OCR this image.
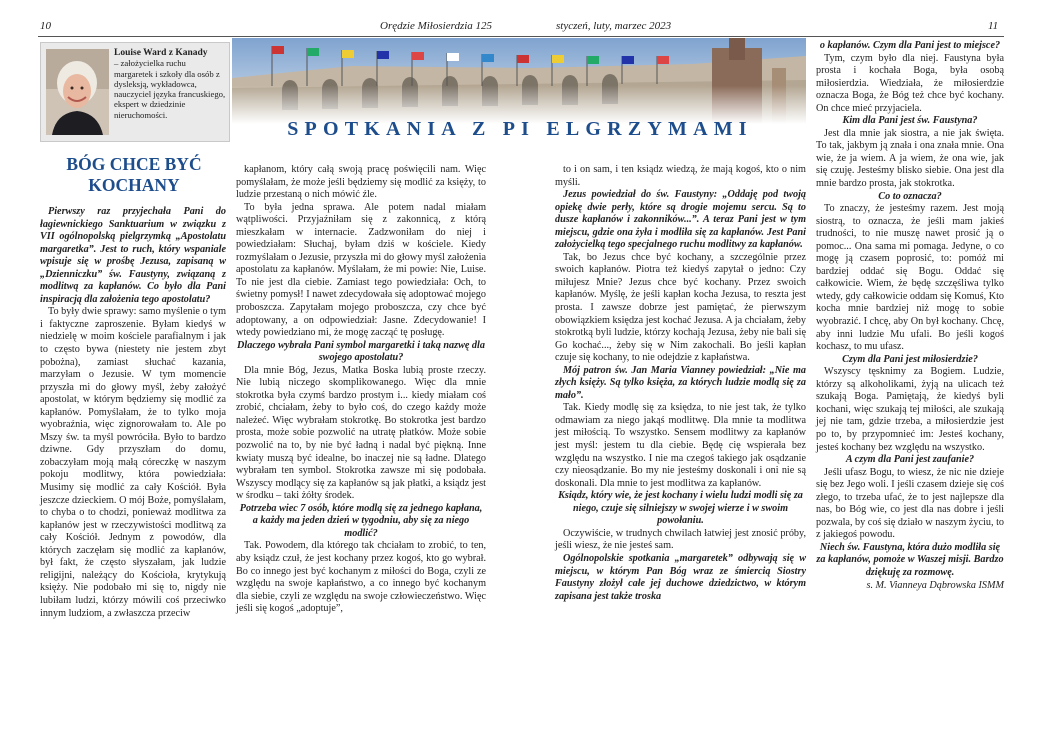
10	Orędzie Miłosierdzia 125	styczeń, luty, marzec 2023	11
Louise Ward z Kanady
– założycielka ruchu margaretek i szkoły dla osób z dysleksją, wykładowca, nauczyciel języka francuskiego, ekspert w dziedzinie nieruchomości.
SPOTKANIA Z PI ELGRZYMAMI
BÓG CHCE BYĆ KOCHANY

Pierwszy raz przyjechała Pani do łagiewnickiego Sanktuarium w związku z VII ogólnopolską pielgrzymką „Apostolatu margaretka”. Jest to ruch, który wspaniale wpisuje się w prośbę Jezusa, zapisaną w „Dzienniczku” św. Faustyny, związaną z modlitwą za kapłanów. Co było dla Pani inspiracją dla założenia tego apostolatu?

To były dwie sprawy: samo myślenie o tym i faktyczne zaproszenie. Byłam kiedyś w niedzielę w moim kościele parafialnym i jak to często bywa (niestety nie jestem zbyt pobożna), zamiast słuchać kazania, marzyłam o Jezusie. W tym momencie przyszła mi do głowy myśl, żeby założyć apostolat, w którym będziemy się modlić za kapłanów. Pomyślałam, że to tylko moja wyobraźnia, więc zignorowałam to. Ale po Mszy św. ta myśl powróciła. Było to bardzo dziwne. Gdy przyszłam do domu, zobaczyłam moją małą córeczkę w naszym pokoju modlitwy, która powiedziała: Musimy się modlić za cały Kościół. Była jeszcze dzieckiem. O mój Boże, pomyślałam, to chyba o to chodzi, ponieważ modlitwa za kapłanów jest w rzeczywistości modlitwą za cały Kościół. Jednym z powodów, dla których zaczęłam się modlić za kapłanów, był fakt, że często słyszałam, jak ludzie religijni, należący do Kościoła, krytykują księży. Nie podobało mi się to, nigdy nie lubiłam ludzi, którzy mówili coś przeciwko innym ludziom, a zwłaszcza przeciw

kapłanom, który całą swoją pracę poświęcili nam. Więc pomyślałam, że może jeśli będziemy się modlić za księży, to ludzie przestaną o nich mówić źle.

To była jedna sprawa. Ale potem nadal miałam wątpliwości. Przyjaźniłam się z zakonnicą, z którą mieszkałam w internacie. Zadzwoniłam do niej i powiedziałam: Słuchaj, byłam dziś w kościele. Kiedy rozmyślałam o Jezusie, przyszła mi do głowy myśl założenia apostolatu za kapłanów. Myślałam, że mi powie: Nie, Luise. To nie jest dla ciebie. Zamiast tego powiedziała: Och, to świetny pomysł! I nawet zdecydowała się adoptować mojego proboszcza. Zapytałam mojego proboszcza, czy chce być adoptowany, a on odpowiedział: Jasne. Zdecydowanie! I wtedy powiedziano mi, że mogę zacząć tę posługę.

Dlaczego wybrała Pani symbol margaretki i taką nazwę dla swojego apostolatu?

Dla mnie Bóg, Jezus, Matka Boska lubią proste rzeczy. Nie lubią niczego skomplikowanego. Więc dla mnie stokrotka była czymś bardzo prostym i... kiedy miałam coś zrobić, chciałam, żeby to było coś, do czego każdy może należeć. Więc wybrałam stokrotkę. Bo stokrotka jest bardzo prosta, może sobie pozwolić na utratę płatków. Może sobie pozwolić na to, by nie być ładną i nadal być piękną. Inne kwiaty muszą być idealne, bo inaczej nie są ładne. Dlatego wybrałam ten symbol. Stokrotka zawsze mi się podobała. Wszyscy modlący się za kapłanów są jak płatki, a ksiądz jest w środku – taki żółty środek.

Potrzeba wiec 7 osób, które modlą się za jednego kapłana, a każdy ma jeden dzień w tygodniu, aby się za niego modlić?

Tak. Powodem, dla którego tak chciałam to zrobić, to ten, aby ksiądz czuł, że jest kochany przez kogoś, kto go wybrał. Bo co innego jest być kochanym z miłości do Boga, czyli ze względu na swoje kapłaństwo, a co innego być kochanym dla siebie, czyli ze względu na swoje człowieczeństwo. Więc jeśli się kogoś „adoptuje”,

to i on sam, i ten ksiądz wiedzą, że mają kogoś, kto o nim myśli.

Jezus powiedział do św. Faustyny: „Oddaję pod twoją opiekę dwie perły, które są drogie mojemu sercu. Są to dusze kapłanów i zakonników...”. A teraz Pani jest w tym miejscu, gdzie ona żyła i modliła się za kapłanów. Jest Pani założycielką tego specjalnego ruchu modlitwy za kapłanów.

Tak, bo Jezus chce być kochany, a szczególnie przez swoich kapłanów. Piotra też kiedyś zapytał o jedno: Czy miłujesz Mnie? Jezus chce być kochany. Przez swoich kapłanów. Myślę, że jeśli kapłan kocha Jezusa, to reszta jest prosta. I zawsze dobrze jest pamiętać, że pierwszym obowiązkiem księdza jest kochać Jezusa. A ja chciałam, żeby stokrotką byli ludzie, którzy kochają Jezusa, żeby nie bali się Go kochać..., żeby się w Nim zakochali. Bo jeśli kapłan czuje się kochany, to nie odejdzie z kapłaństwa.

Mój patron św. Jan Maria Vianney powiedział: „Nie ma złych księży. Są tylko księża, za których ludzie modlą się za mało”.

Tak. Kiedy modlę się za księdza, to nie jest tak, że tylko odmawiam za niego jakąś modlitwę. Dla mnie ta modlitwa jest miłością. To wszystko. Sensem modlitwy za kapłanów jest myśl: jestem tu dla ciebie. Będę cię wspierała bez względu na wszystko. I nie ma czegoś takiego jak osądzanie czy nieosądzanie. Bo my nie jesteśmy doskonali i oni nie są doskonali. Dla mnie to jest modlitwa za kapłanów.

Ksiądz, który wie, że jest kochany i wielu ludzi modli się za niego, czuje się silniejszy w swojej wierze i w swoim powołaniu.

Oczywiście, w trudnych chwilach łatwiej jest znosić próby, jeśli wiesz, że nie jesteś sam.

Ogólnopolskie spotkania „margaretek” odbywają się w miejscu, w którym Pan Bóg wraz ze śmiercią Siostry Faustyny złożył całe jej duchowe dziedzictwo, w którym zapisana jest także troska

o kapłanów. Czym dla Pani jest to miejsce?

Tym, czym było dla niej. Faustyna była prosta i kochała Boga, była osobą miłosierdzia. Wiedziała, że miłosierdzie oznacza Boga, że Bóg też chce być kochany. On chce mieć przyjaciela.

Kim dla Pani jest św. Faustyna?

Jest dla mnie jak siostra, a nie jak święta. To tak, jakbym ją znała i ona znała mnie. Ona wie, że ja wiem. A ja wiem, że ona wie, jak się czuję. Jesteśmy blisko siebie. Ona jest dla mnie bardzo prosta, jak stokrotka.

Co to oznacza?

To znaczy, że jesteśmy razem. Jest moją siostrą, to oznacza, że jeśli mam jakieś trudności, to nie muszę nawet prosić ją o pomoc... Ona sama mi pomaga. Jedyne, o co mogę ją czasem poprosić, to: pomóż mi bardziej oddać się Bogu. Oddać się całkowicie. Wiem, że będę szczęśliwa tylko wtedy, gdy całkowicie oddam się Komuś, Kto kocha mnie bardziej niż mogę to sobie wyobrazić. I chcę, aby On był kochany. Chcę, aby inni ludzie Mu ufali. Bo jeśli kogoś kochasz, to mu ufasz.

Czym dla Pani jest miłosierdzie?

Wszyscy tęsknimy za Bogiem. Ludzie, którzy są alkoholikami, żyją na ulicach też szukają Boga. Pamiętają, że kiedyś byli kochani, więc szukają tej miłości, ale szukają jej nie tam, gdzie trzeba, a miłosierdzie jest po to, by przypomnieć im: Jesteś kochany, jesteś kochany bez względu na wszystko.

A czym dla Pani jest zaufanie?

Jeśli ufasz Bogu, to wiesz, że nic nie dzieje się bez Jego woli. I jeśli czasem dzieje się coś złego, to trzeba ufać, że to jest najlepsze dla nas, bo Bóg wie, co jest dla nas dobre i jeśli pozwala, by coś się działo w naszym życiu, to z jakiegoś powodu.

Niech św. Faustyna, która dużo modliła się za kapłanów, pomoże w Waszej misji. Bardzo dziękuję za rozmowę.

s. M. Vianneya Dąbrowska ISMM
